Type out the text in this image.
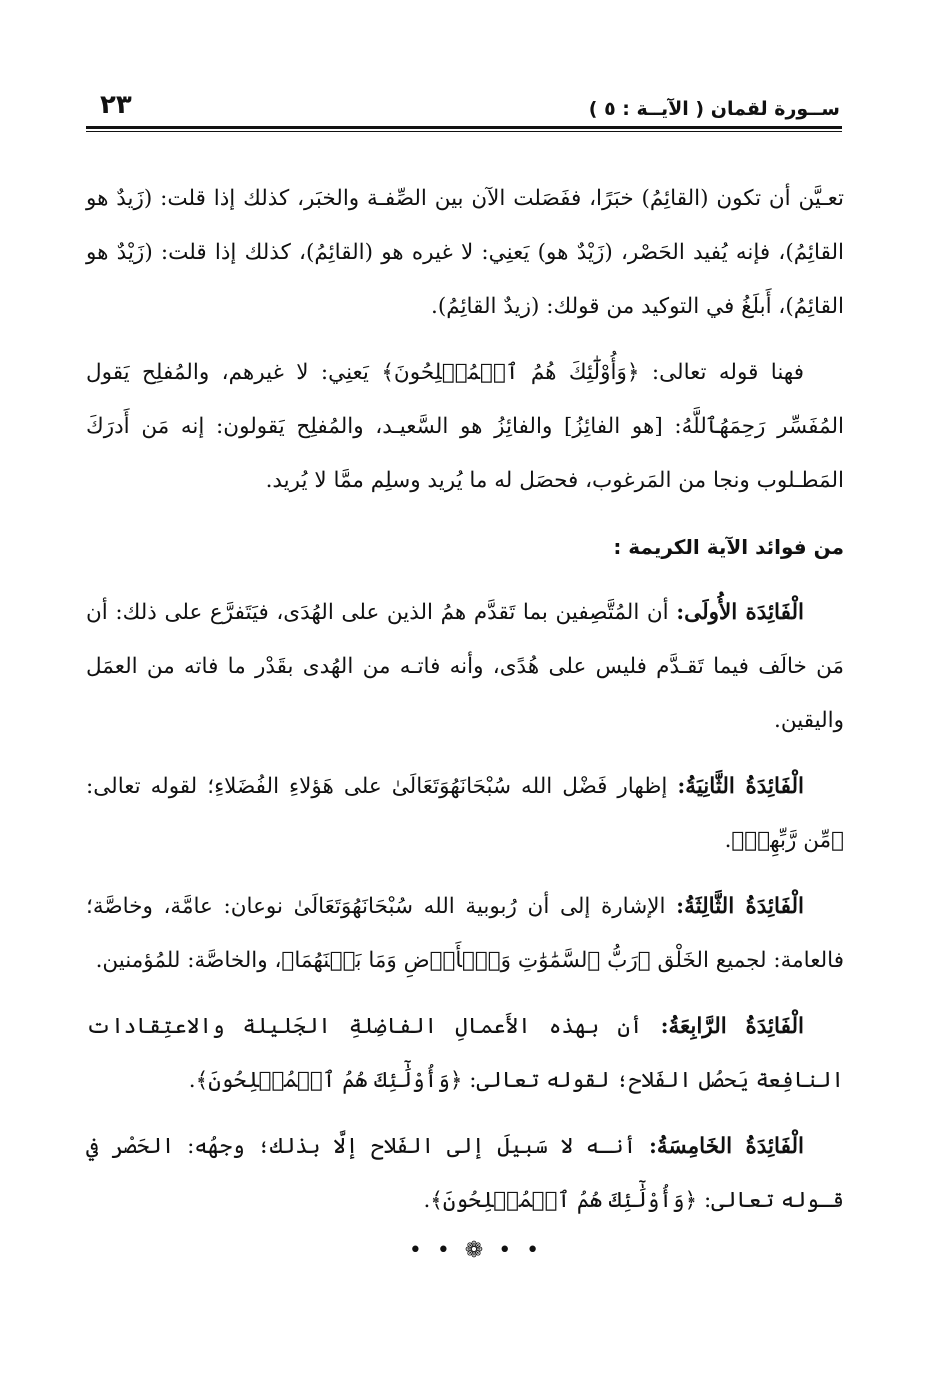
ســورة لقمان ( الآيــة : ٥ )
٢٣

تعـيَّن أن تكون (القائِمُ) خبَرًا، ففَصَلت الآن بين الصِّفـة والخبَر، كذلك إذا قلت: (زَيدٌ هو القائِمُ)، فإنه يُفيد الحَصْر، (زَيْدٌ هو) يَعنِي: لا غيره هو (القائِمُ)، كذلك إذا قلت: (زَيْدٌ هو القائِمُ)، أَبلَغُ في التوكيد من قولك: (زيدٌ القائِمُ).

فهنا قوله تعالى: ﴿وَأُوْلَٰٓئِكَ هُمُ ٱلۡمُفۡلِحُونَ﴾ يَعنِي: لا غيرهم، والمُفلِح يَقول المُفَسِّر رَحِمَهُٱللَّهُ: [هو الفائِزُ] والفائِزُ هو السَّعيـد، والمُفلِح يَقولون: إنه مَن أَدرَكَ المَطـلوب ونجا من المَرغوب، فحصَل له ما يُريد وسلِم ممَّا لا يُريد.

من فوائد الآية الكريمة :

الْفَائِدَة الأُولَى: أن المُتَّصِفين بما تَقدَّم همُ الذين على الهُدَى، فيَتَفرَّع على ذلك: أن مَن خالَف فيما تَقـدَّم فليس على هُدًى، وأنه فاتـه من الهُدى بقَدْر ما فاته من العمَل واليقين.

الْفَائِدَةُ الثَّانِيَةُ: إظهار فَضْل الله سُبْحَانَهُوَتَعَالَىٰ على هَؤلاءِ الفُضَلاءِ؛ لقوله تعالى: ﴿مِّن رَّبِّهِمۡ﴾.

الْفَائِدَةُ الثَّالِثَةُ: الإشارة إلى أن رُبوبية الله سُبْحَانَهُوَتَعَالَىٰ نوعان: عامَّة، وخاصَّة؛ فالعامة: لجميع الخَلْق ﴿رَبُّ ٱلسَّمَٰوَٰتِ وَٱلۡأَرۡضِ وَمَا بَيۡنَهُمَا﴾، والخاصَّة: للمُؤمنين.

الْفَائِدَةُ الرَّابِعَةُ: أن بهذه الأَعمالِ الفاضِلةِ الجَليلة والاعتِقادات النافِعة يَحصُل الفَلاح؛ لقوله تعالى: ﴿وَأُوْلَٰٓئِكَ هُمُ ٱلۡمُفۡلِحُونَ﴾.

الْفَائِدَةُ الخَامِسَةُ: أنـه لا سَبيلَ إلى الفَلاح إلَّا بذلك؛ وجهُه: الحَصْر في قـوله تعالى: ﴿وَأُوْلَٰٓئِكَ هُمُ ٱلۡمُفۡلِحُونَ﴾.

• • ❁ • •
